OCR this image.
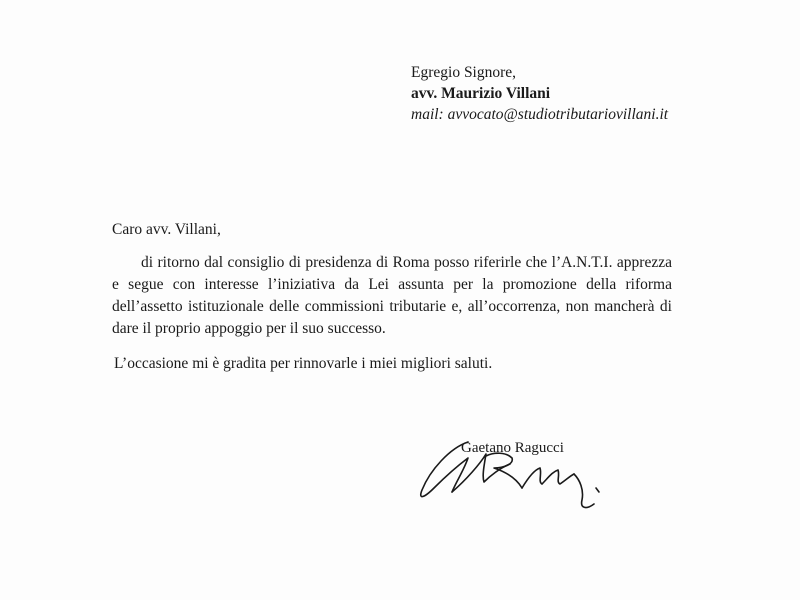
Egregio Signore,
avv. Maurizio Villani
mail: avvocato@studiotributariovillani.it

Caro avv. Villani,

di ritorno dal consiglio di presidenza di Roma posso riferirle che l’A.N.T.I. apprezza e segue con interesse l’iniziativa da Lei assunta per la promozione della riforma dell’assetto istituzionale delle commissioni tributarie e, all’occorrenza, non mancherà di dare il proprio appoggio per il suo successo.

L’occasione mi è gradita per rinnovarle i miei migliori saluti.

Gaetano Ragucci
